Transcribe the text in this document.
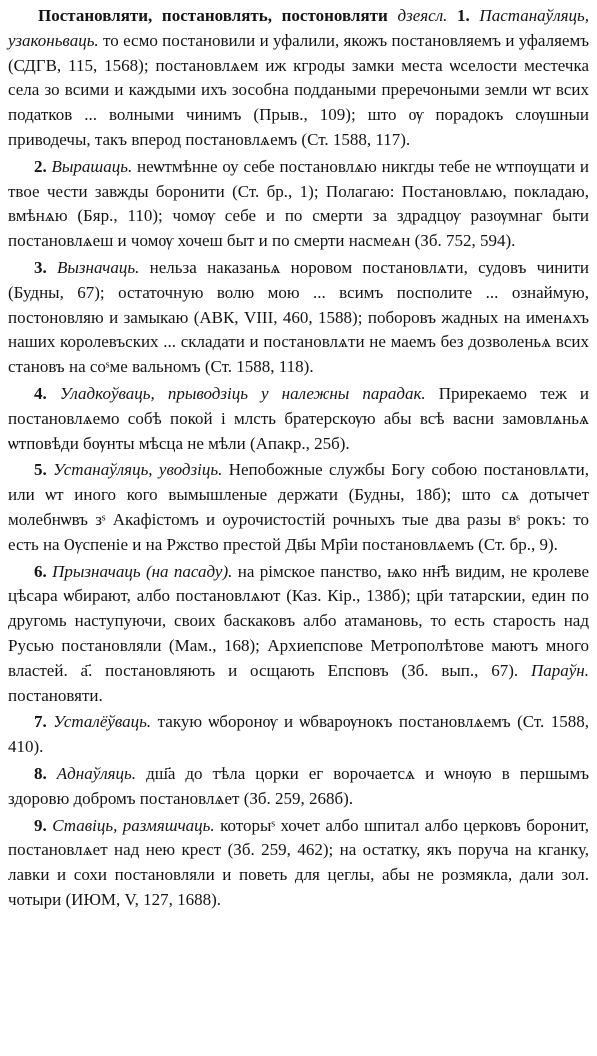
Постановляти, постановлять, постоновляти дзеясл. 1. Пастанаўляць, узаконьваць. то есмо постановили и уфалили, якожъ постановляемъ и уфаляемъ (СДГВ, 115, 1568); постановлѧем иж кгроды замки места ѡселости местечка села зо всими и каждыми ихъ зособна поддаными преречоными земли ѡт всих податков ... волными чинимъ (Прыв., 109); што ѹ порадокъ слѹшныи приводечы, такъ вперод постановлѧемъ (Ст. 1588, 117).

2. Вырашаць. неѡтмѣнне оу себе постановлѧю никгды тебе не ѡтпѹщати и твое чести завжды боронити (Ст. бр., 1); Полагаю: Постановлѧю, покладаю, вмѣнѧю (Бяр., 110); чомѹ себе и по смерти за здрадцѹ разѹмнаг быти постановлѧеш и чомѹ хочеш быт и по смерти насмеѧн (Зб. 752, 594).

3. Вызначаць. нельза наказаньѧ норовом постановлѧти, судовъ чинити (Будны, 67); остаточную волю мою ... всимъ посполите ... ознаймую, постоновляю и замыкаю (АВК, VIII, 460, 1588); поборовъ жадных на имeнѧхъ наших королевъских ... складати и постановлѧти не маемъ без дозволеньѧ всих становъ на соˢме вальномъ (Ст. 1588, 118).

4. Уладкоўваць, прыводзіць у належны парадак. Прирекаемо теж и постановлѧемо собѣ покой і млсть братерскѹю абы всѣ васни замовлѧньѧ ѡтповѣди бѹнты мѣсца не мѣли (Апакр., 25б).

5. Устанаўляць, уводзіць. Непобожные службы Богу собою постановлѧти, или ѡт иного кого вымышленые держати (Будны, 18б); што сѧ дотычет молебнѡвъ зˢ Акафістомъ и оурочистостій рочныхъ тые два разы вˢ рокъ: то есть на Ѹспеніе и на Ржство престой Дв҃ы Мр҃іи постановлѧемъ (Ст. бр., 9).

6. Прызначаць (на пасаду). на рімское панство, ѩко нн҃ѣ видим, не кролеве цѣсара ѡбирают, албо постановлѧют (Каз. Кір., 138б); цр҃и татарскии, един по другомь наступуючи, своих баскаковъ албо атамановь, то есть старость над Русью постановляли (Мам., 168); Архиепспове Метрополѣтове маютъ много властей. а҃. постановляють и осщають Епсповъ (Зб. вып., 67). Параўн. постановяти.

7. Усталёўваць. такую ѡборонѹ и ѡбварѹнокъ постановлѧемъ (Ст. 1588, 410).

8. Аднаўляць. дш҃а до тѣла цорки ег ворочаетсѧ и ѡнѹю в першымъ здоровю добромъ постановлѧет (Зб. 259, 268б).

9. Ставіць, размяшчаць. которыˢ хочет албо шпитал албо церковъ боронит, постановлѧет над нею крест (Зб. 259, 462); на остатку, якъ поруча на кганку, лавки и сохи постановляли и поветь для цеглы, абы не розмякла, дали зол. чотыри (ИЮМ, V, 127, 1688).
